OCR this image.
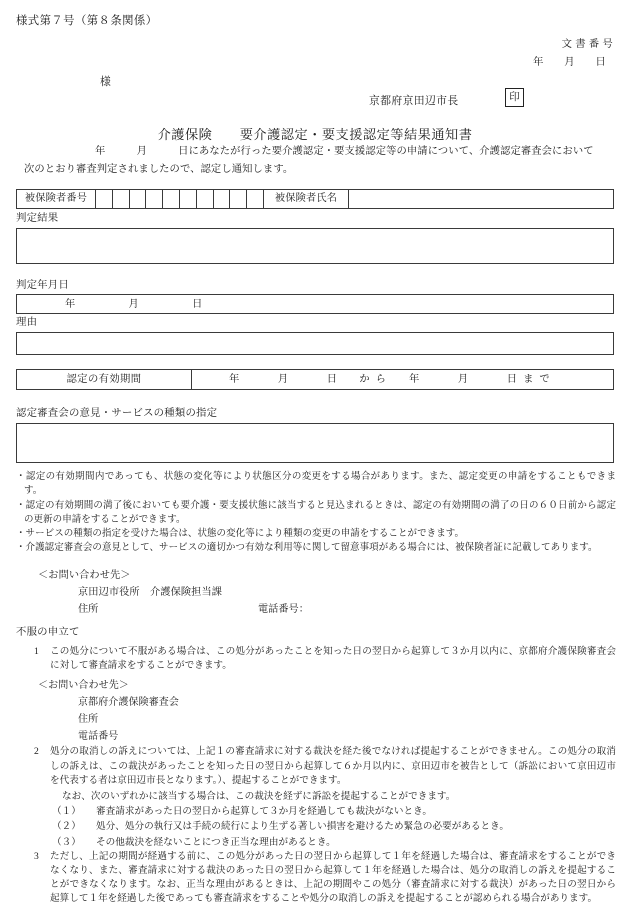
様式第７号（第８条関係）
文書番号
年　月　日
様
京都府京田辺市長	印
介護保険　　要介護認定・要支援認定等結果通知書
年　　　月　　　日にあなたが行った要介護認定・要支援認定等の申請について、介護認定審査会において
次のとおり審査判定されましたので、認定し通知します。
被保険者番号	被保険者氏名
判定結果
判定年月日
年　　月　　日
理由
認定の有効期間	年　　月　　日　から 年　　月　　日まで
認定審査会の意見・サービスの種類の指定

・認定の有効期間内であっても、状態の変化等により状態区分の変更をする場合があります。また、認定変更の申請をすることもできます。

・認定の有効期間の満了後においても要介護・要支援状態に該当すると見込まれるときは、認定の有効期間の満了の日の６０日前から認定の更新の申請をすることができます。

・サービスの種類の指定を受けた場合は、状態の変化等により種類の変更の申請をすることができます。

・介護認定審査会の意見として、サービスの適切かつ有効な利用等に関して留意事項がある場合には、被保険者証に記載してあります。

＜お問い合わせ先＞
京田辺市役所　介護保険担当課
住所	電話番号：
不服の申立て
1 この処分について不服がある場合は、この処分があったことを知った日の翌日から起算して３か月以内に、京都府介護保険審査会に対して審査請求をすることができます。

＜お問い合わせ先＞
京都府介護保険審査会
住所
電話番号
2 処分の取消しの訴えについては、上記１の審査請求に対する裁決を経た後でなければ提起することができません。この処分の取消しの訴えは、この裁決があったことを知った日の翌日から起算して６か月以内に、京田辺市を被告として（訴訟において京田辺市を代表する者は京田辺市長となります。）、提起することができます。

なお、次のいずれかに該当する場合は、この裁決を経ずに訴訟を提起することができます。
（１） 審査請求があった日の翌日から起算して３か月を経過しても裁決がないとき。
（２） 処分、処分の執行又は手続の続行により生ずる著しい損害を避けるため緊急の必要があるとき。
（３） その他裁決を経ないことにつき正当な理由があるとき。
3 ただし、上記の期間が経過する前に、この処分があった日の翌日から起算して１年を経過した場合は、審査請求をすることができなくなり、また、審査請求に対する裁決のあった日の翌日から起算して１年を経過した場合は、処分の取消しの訴えを提起することができなくなります。なお、正当な理由があるときは、上記の期間やこの処分（審査請求に対する裁決）があった日の翌日から起算して１年を経過した後であっても審査請求をすることや処分の取消しの訴えを提起することが認められる場合があります。
